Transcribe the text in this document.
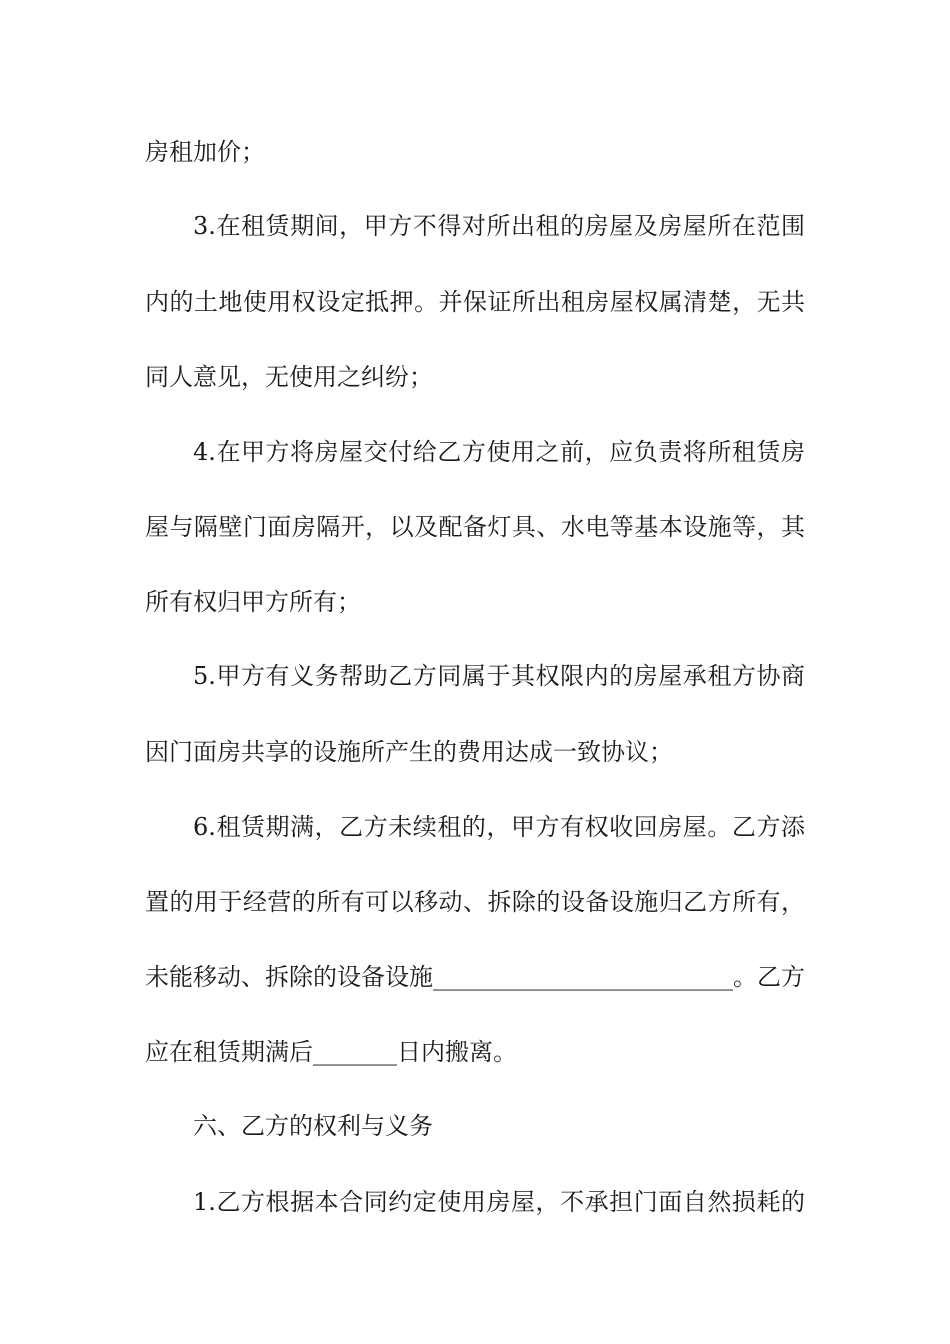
房租加价；
3.在租赁期间，甲方不得对所出租的房屋及房屋所在范围
内的土地使用权设定抵押。并保证所出租房屋权属清楚，无共
同人意见，无使用之纠纷；
4.在甲方将房屋交付给乙方使用之前，应负责将所租赁房
屋与隔壁门面房隔开，以及配备灯具、水电等基本设施等，其
所有权归甲方所有；
5.甲方有义务帮助乙方同属于其权限内的房屋承租方协商
因门面房共享的设施所产生的费用达成一致协议；
6.租赁期满，乙方未续租的，甲方有权收回房屋。乙方添
置的用于经营的所有可以移动、拆除的设备设施归乙方所有，
未能移动、拆除的设备设施_________________________。乙方
应在租赁期满后_______日内搬离。
六、乙方的权利与义务
1.乙方根据本合同约定使用房屋，不承担门面自然损耗的
